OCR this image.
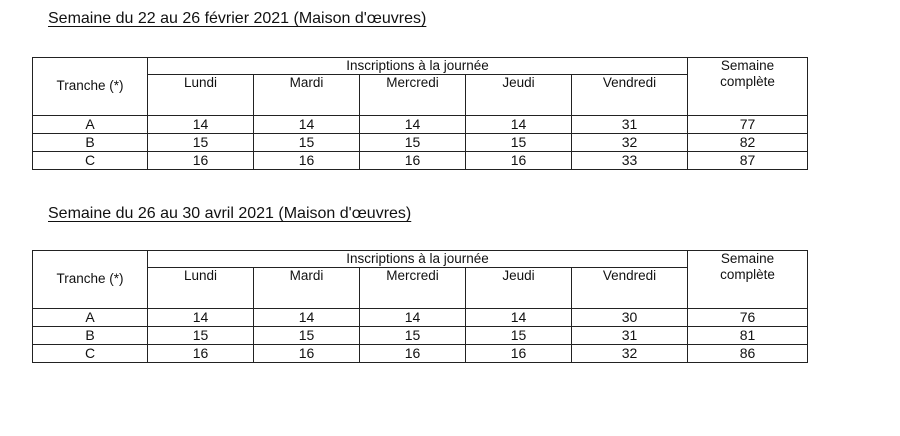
Semaine du 22 au 26 février 2021 (Maison d'œuvres)
Tranche (*)	Inscriptions à la journée					Semaine
complète

	Lundi	Mardi	Mercredi	Jeudi	Vendredi	
A	14	14	14	14	31	77
B	15	15	15	15	32	82
C	16	16	16	16	33	87
Semaine du 26 au 30 avril 2021 (Maison d'œuvres)
Tranche (*)	Inscriptions à la journée					Semaine
complète

	Lundi	Mardi	Mercredi	Jeudi	Vendredi	
A	14	14	14	14	30	76
B	15	15	15	15	31	81
C	16	16	16	16	32	86
